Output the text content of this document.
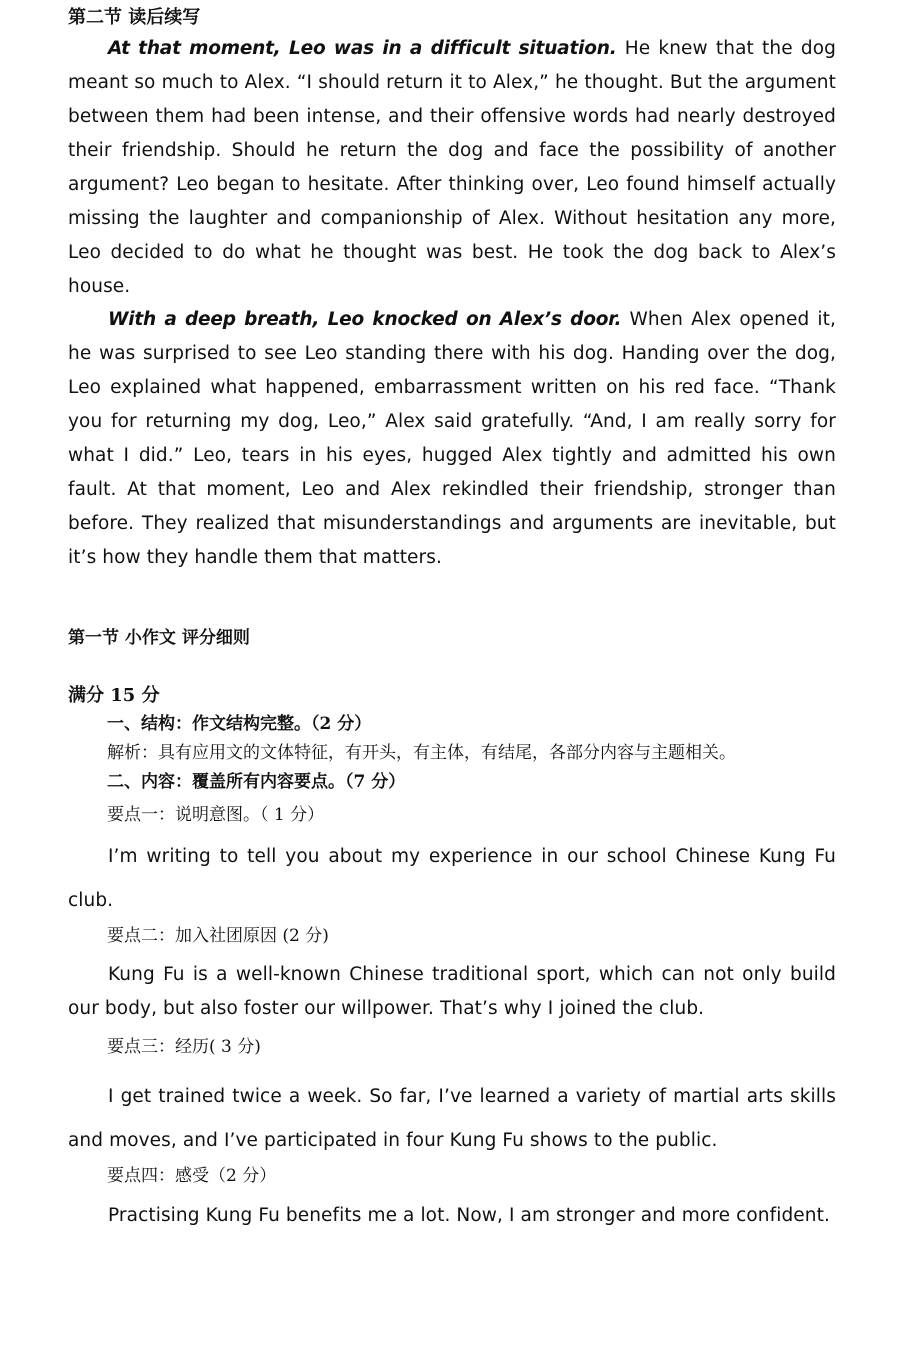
第二节 读后续写

At that moment, Leo was in a difficult situation. He knew that the dog meant so much to Alex. “I should return it to Alex,” he thought. But the argument between them had been intense, and their offensive words had nearly destroyed their friendship. Should he return the dog and face the possibility of another argument? Leo began to hesitate. After thinking over, Leo found himself actually missing the laughter and companionship of Alex. Without hesitation any more, Leo decided to do what he thought was best. He took the dog back to Alex’s house.

With a deep breath, Leo knocked on Alex’s door. When Alex opened it, he was surprised to see Leo standing there with his dog. Handing over the dog, Leo explained what happened, embarrassment written on his red face. “Thank you for returning my dog, Leo,” Alex said gratefully. “And, I am really sorry for what I did.” Leo, tears in his eyes, hugged Alex tightly and admitted his own fault. At that moment, Leo and Alex rekindled their friendship, stronger than before. They realized that misunderstandings and arguments are inevitable, but it’s how they handle them that matters.

第一节 小作文 评分细则
满分 15 分

一、结构：作文结构完整。（2 分）

解析：具有应用文的文体特征，有开头，有主体，有结尾，各部分内容与主题相关。

二、内容：覆盖所有内容要点。（7 分）

要点一：说明意图。（ 1 分）

I’m writing to tell you about my experience in our school Chinese Kung Fu club.

要点二：加入社团原因 (2 分)

Kung Fu is a well-known Chinese traditional sport, which can not only build our body, but also foster our willpower. That’s why I joined the club.

要点三：经历( 3 分)

I get trained twice a week. So far, I’ve learned a variety of martial arts skills and moves, and I’ve participated in four Kung Fu shows to the public.

要点四：感受（2 分）

Practising Kung Fu benefits me a lot. Now, I am stronger and more confident.
